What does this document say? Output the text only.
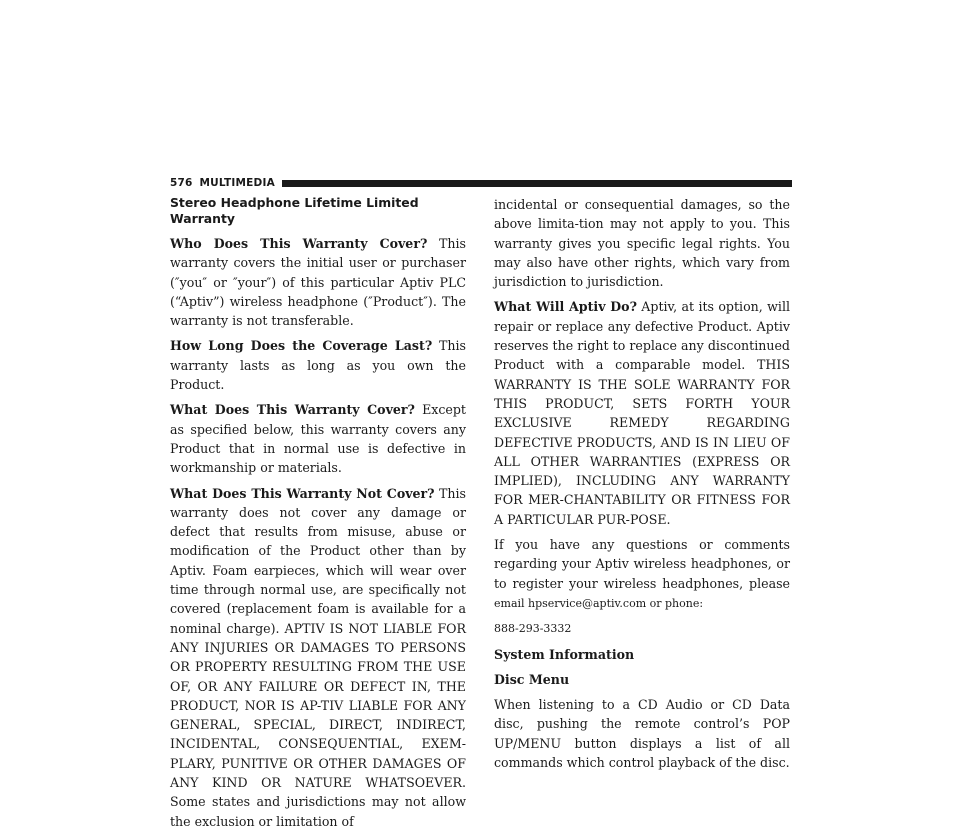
576 MULTIMEDIA
Stereo Headphone Lifetime Limited Warranty

Who Does This Warranty Cover? This warranty covers the initial user or purchaser (″you″ or ″your″) of this particular Aptiv PLC (“Aptiv”) wireless headphone (″Product″). The warranty is not transferable.

How Long Does the Coverage Last? This warranty lasts as long as you own the Product.

What Does This Warranty Cover? Except as specified below, this warranty covers any Product that in normal use is defective in workmanship or materials.

What Does This Warranty Not Cover? This warranty does not cover any damage or defect that results from misuse, abuse or modification of the Product other than by Aptiv. Foam earpieces, which will wear over time through normal use, are specifically not covered (replacement foam is available for a nominal charge). APTIV IS NOT LIABLE FOR ANY INJURIES OR DAMAGES TO PERSONS OR PROPERTY RESULTING FROM THE USE OF, OR ANY FAILURE OR DEFECT IN, THE PRODUCT, NOR IS AP-TIV LIABLE FOR ANY GENERAL, SPECIAL, DIRECT, INDIRECT, INCIDENTAL, CONSEQUENTIAL, EXEM-PLARY, PUNITIVE OR OTHER DAMAGES OF ANY KIND OR NATURE WHATSOEVER. Some states and jurisdictions may not allow the exclusion or limitation of

incidental or consequential damages, so the above limita-tion may not apply to you. This warranty gives you specific legal rights. You may also have other rights, which vary from jurisdiction to jurisdiction.

What Will Aptiv Do? Aptiv, at its option, will repair or replace any defective Product. Aptiv reserves the right to replace any discontinued Product with a comparable model. THIS WARRANTY IS THE SOLE WARRANTY FOR THIS PRODUCT, SETS FORTH YOUR EXCLUSIVE REMEDY REGARDING DEFECTIVE PRODUCTS, AND IS IN LIEU OF ALL OTHER WARRANTIES (EXPRESS OR IMPLIED), INCLUDING ANY WARRANTY FOR MER-CHANTABILITY OR FITNESS FOR A PARTICULAR PUR-POSE.

If you have any questions or comments regarding your Aptiv wireless headphones, or to register your wireless headphones, please email hpservice@aptiv.com or phone:

888-293-3332
System Information
Disc Menu

When listening to a CD Audio or CD Data disc, pushing the remote control’s POP UP/MENU button displays a list of all commands which control playback of the disc.
